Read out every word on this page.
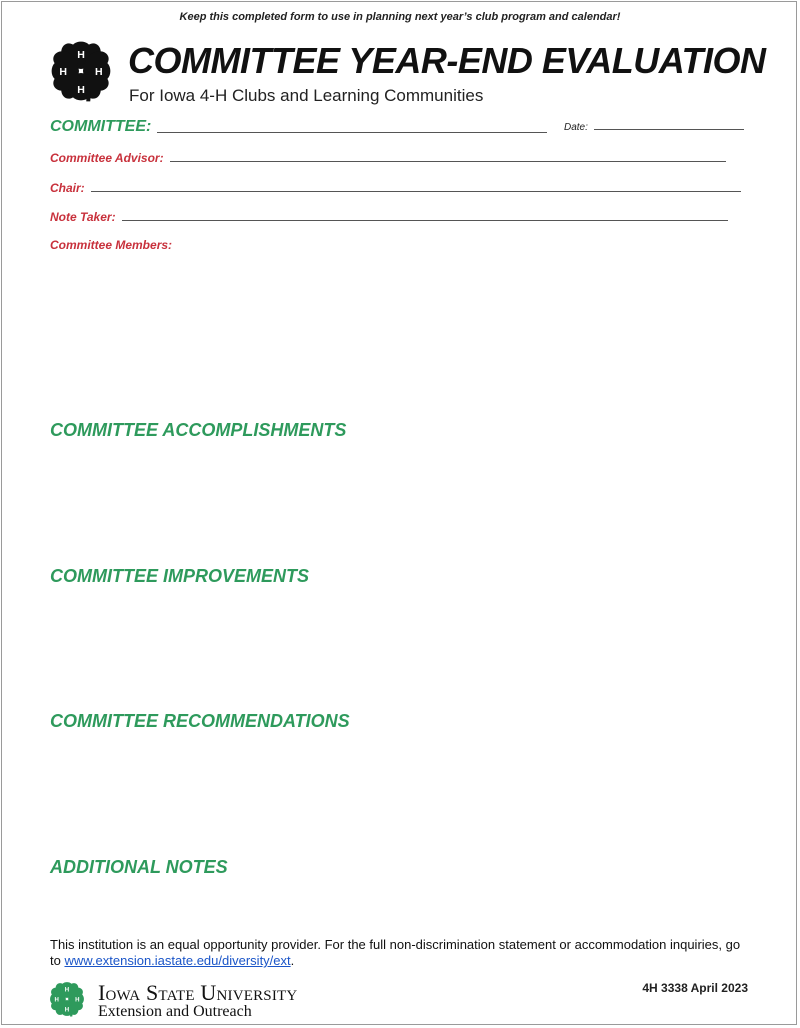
Keep this completed form to use in planning next year’s club program and calendar!
H
H
H
H COMMITTEE YEAR-END EVALUATION
For Iowa 4-H Clubs and Learning Communities
COMMITTEE:	Date:
Committee Advisor:
Chair:
Note Taker:
Committee Members:
COMMITTEE ACCOMPLISHMENTS
COMMITTEE IMPROVEMENTS
COMMITTEE RECOMMENDATIONS
ADDITIONAL NOTES
This institution is an equal opportunity provider. For the full non-discrimination statement or accommodation inquiries, go to www.extension.iastate.edu/diversity/ext.
H
H
H
H Iowa State University
Extension and Outreach
4H 3338 April 2023
